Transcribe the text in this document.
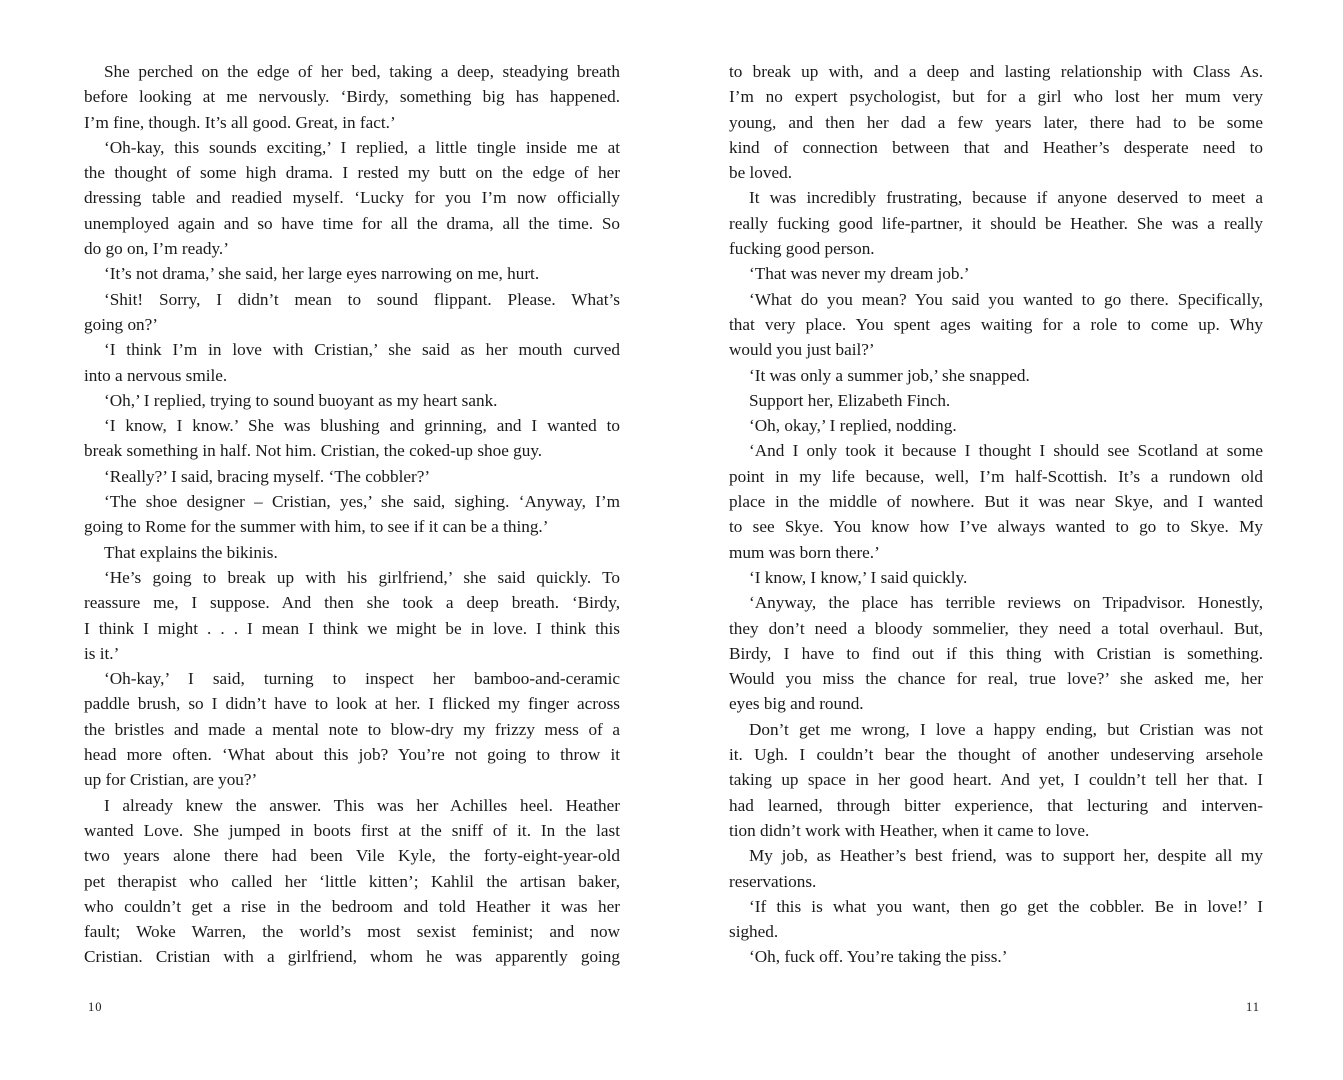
She perched on the edge of her bed, taking a deep, steadying breath
before looking at me nervously. ‘Birdy, something big has happened.
I’m fine, though. It’s all good. Great, in fact.’
‘Oh-kay, this sounds exciting,’ I replied, a little tingle inside me at
the thought of some high drama. I rested my butt on the edge of her
dressing table and readied myself. ‘Lucky for you I’m now officially
unemployed again and so have time for all the drama, all the time. So
do go on, I’m ready.’
‘It’s not drama,’ she said, her large eyes narrowing on me, hurt.
‘Shit! Sorry, I didn’t mean to sound flippant. Please. What’s
going on?’
‘I think I’m in love with Cristian,’ she said as her mouth curved
into a nervous smile.
‘Oh,’ I replied, trying to sound buoyant as my heart sank.
‘I know, I know.’ She was blushing and grinning, and I wanted to
break something in half. Not him. Cristian, the coked-up shoe guy.
‘Really?’ I said, bracing myself. ‘The cobbler?’
‘The shoe designer – Cristian, yes,’ she said, sighing. ‘Anyway, I’m
going to Rome for the summer with him, to see if it can be a thing.’
That explains the bikinis.
‘He’s going to break up with his girlfriend,’ she said quickly. To
reassure me, I suppose. And then she took a deep breath. ‘Birdy,
I think I might . . . I mean I think we might be in love. I think this
is it.’
‘Oh-kay,’ I said, turning to inspect her bamboo-and-ceramic
paddle brush, so I didn’t have to look at her. I flicked my finger across
the bristles and made a mental note to blow-dry my frizzy mess of a
head more often. ‘What about this job? You’re not going to throw it
up for Cristian, are you?’
I already knew the answer. This was her Achilles heel. Heather
wanted Love. She jumped in boots first at the sniff of it. In the last
two years alone there had been Vile Kyle, the forty-eight-year-old
pet therapist who called her ‘little kitten’; Kahlil the artisan baker,
who couldn’t get a rise in the bedroom and told Heather it was her
fault; Woke Warren, the world’s most sexist feminist; and now
Cristian. Cristian with a girlfriend, whom he was apparently going
to break up with, and a deep and lasting relationship with Class As.
I’m no expert psychologist, but for a girl who lost her mum very
young, and then her dad a few years later, there had to be some
kind of connection between that and Heather’s desperate need to
be loved.
It was incredibly frustrating, because if anyone deserved to meet a
really fucking good life-partner, it should be Heather. She was a really
fucking good person.
‘That was never my dream job.’
‘What do you mean? You said you wanted to go there. Specifically,
that very place. You spent ages waiting for a role to come up. Why
would you just bail?’
‘It was only a summer job,’ she snapped.
Support her, Elizabeth Finch.
‘Oh, okay,’ I replied, nodding.
‘And I only took it because I thought I should see Scotland at some
point in my life because, well, I’m half-Scottish. It’s a rundown old
place in the middle of nowhere. But it was near Skye, and I wanted
to see Skye. You know how I’ve always wanted to go to Skye. My
mum was born there.’
‘I know, I know,’ I said quickly.
‘Anyway, the place has terrible reviews on Tripadvisor. Honestly,
they don’t need a bloody sommelier, they need a total overhaul. But,
Birdy, I have to find out if this thing with Cristian is something.
Would you miss the chance for real, true love?’ she asked me, her
eyes big and round.
Don’t get me wrong, I love a happy ending, but Cristian was not
it. Ugh. I couldn’t bear the thought of another undeserving arsehole
taking up space in her good heart. And yet, I couldn’t tell her that. I
had learned, through bitter experience, that lecturing and interven-
tion didn’t work with Heather, when it came to love.
My job, as Heather’s best friend, was to support her, despite all my
reservations.
‘If this is what you want, then go get the cobbler. Be in love!’ I
sighed.
‘Oh, fuck off. You’re taking the piss.’
10	11
